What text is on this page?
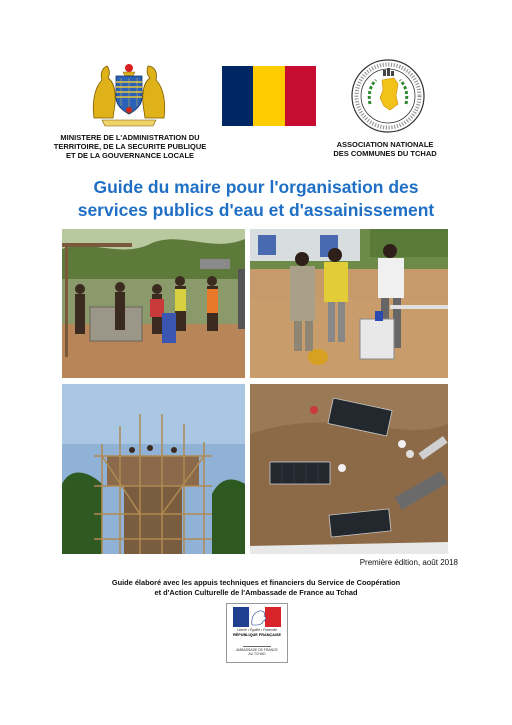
MINISTERE DE L'ADMINISTRATION DU
TERRITOIRE, DE LA SECURITE PUBLIQUE
ET DE LA GOUVERNANCE LOCALE
ASSOCIATION NATIONALE
DES COMMUNES DU TCHAD
Guide du maire pour l'organisation des
services publics d'eau et d'assainissement
Première édition, août 2018
Guide élaboré avec les appuis techniques et financiers du Service de Coopération
et d'Action Culturelle de l'Ambassade de France au Tchad
Liberté • Égalité • Fraternité
RÉPUBLIQUE FRANÇAISE
AMBASSADE DE FRANCE
AU TCHAD
